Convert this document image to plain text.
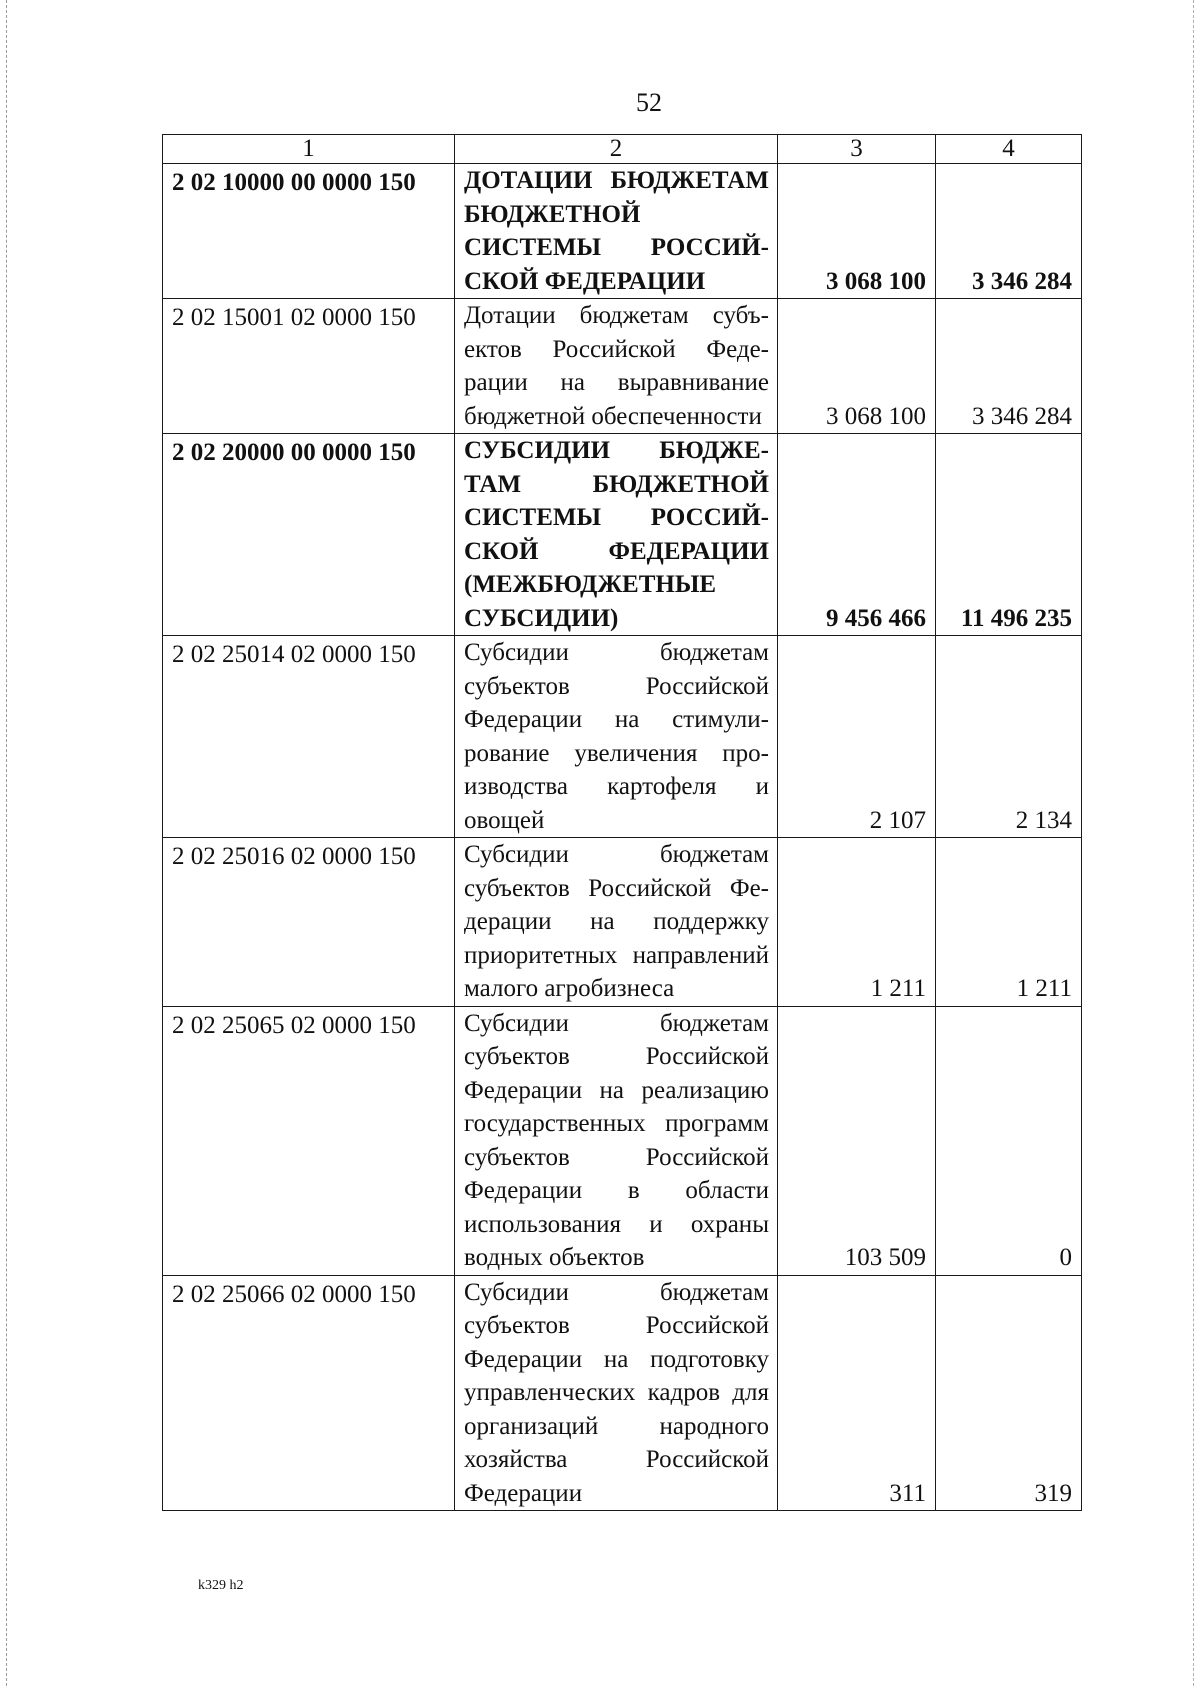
52
1	2	3	4
2 02 10000 00 0000 150	ДОТАЦИИ БЮДЖЕТАМ БЮДЖЕТНОЙ СИСТЕМЫ РОССИЙСКОЙ ФЕДЕРАЦИИ	3 068 100	3 346 284
2 02 15001 02 0000 150	Дотации бюджетам субъектов Российской Федерации на выравнивание бюджетной обеспеченности	3 068 100	3 346 284
2 02 20000 00 0000 150	СУБСИДИИ БЮДЖЕТАМ БЮДЖЕТНОЙ СИСТЕМЫ РОССИЙСКОЙ ФЕДЕРАЦИИ (МЕЖБЮДЖЕТНЫЕ СУБСИДИИ)	9 456 466	11 496 235
2 02 25014 02 0000 150	Субсидии бюджетам субъектов Российской Федерации на стимулирование увеличения производства картофеля и овощей	2 107	2 134
2 02 25016 02 0000 150	Субсидии бюджетам субъектов Российской Федерации на поддержку приоритетных направлений малого агробизнеса	1 211	1 211
2 02 25065 02 0000 150	Субсидии бюджетам субъектов Российской Федерации на реализацию государственных программ субъектов Российской Федерации в области использования и охраны водных объектов	103 509	0
2 02 25066 02 0000 150	Субсидии бюджетам субъектов Российской Федерации на подготовку управленческих кадров для организаций народного хозяйства Российской Федерации	311	319
k329 h2
